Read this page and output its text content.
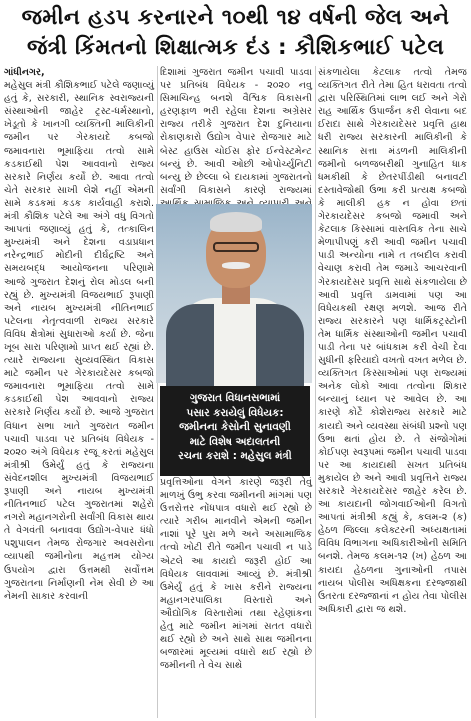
જમીન હડપ કરનારને ૧૦થી ૧૪ વર્ષની જેલ અને
જંત્રી કિંમતનો શિક્ષાત્મક દંડ : કૌશિકભાઈ પટેલ

ગાંધીનગર,

મહેસુલ મંત્રી કૌશિકભાઈ પટેલે જણાવ્યું હતું કે, સરકારી, સ્થાનિક સ્વરાજ્યની સંસ્થાઓની જાહેર ટ્રસ્ટ-ધર્મસ્થાનો, ખેડૂતો કે ખાનગી વ્યક્તિની માલિકીની જમીન પર ગેરકાયદે કબજો જમાવનારા ભૂમાફિયા તત્વો સામે કડકાઈથી પેશ આવવાનો રાજ્ય સરકારે નિર્ણય કર્યો છે. આવા તત્વો ચેતે સરકાર સાખી લેશે નહીં એમની સામે કડકમાં કડક કાર્યવાહી કરાશે. મંત્રી કૌશિક પટેલે આ અંગે વધુ વિગતો આપતાં જણાવ્યું હતું કે, તત્કાલિન મુખ્યમંત્રી અને દેશના વડાપ્રધાન નરેન્દ્રભાઈ મોદીની દીર્ઘદ્રષ્ટિ અને સમયબદ્ધ આયોજનના પરિણામે આજે ગુજરાત દેશનું રોલ મોડલ બની રહ્યું છે. મુખ્યમંત્રી વિજયભાઈ રૂપાણી અને નાયબ મુખ્યમંત્રી નીતિનભાઈ પટેલના નેતૃત્વવાળી રાજ્ય સરકારે વિવિધ ક્ષેત્રોમાં સુધારાઓ કર્યા છે. જેના ખૂબ સારા પરિણામો પ્રાપ્ત થઈ રહ્યાં છે. ત્યારે રાજ્યના સુવ્યવસ્થિત વિકાસ માટે જમીન પર ગેરકાયદેસર કબજો જમાવનારા ભૂમાફિયા તત્વો સામે કડકાઈથી પેશ આવવાનો રાજ્ય સરકારે નિર્ણય કર્યો છે. આજે ગુજરાત વિધાન સભા ખાતે ગુજરાત જમીન પચાવી પાડવા પર પ્રતિબંધ વિધેયક - ૨૦૨૦ અંગે વિધેયક રજૂ કરતાં મહેસુલ મંત્રીશ્રી ઉમેર્યું હતું કે રાજ્યના સંવેદનશીલ મુખ્યમંત્રી વિજયભાઈ રૂપાણી અને નાયબ મુખ્યમંત્રી નીતિનભાઈ પટેલ ગુજરાતમાં શહેરો નગરો મહાનગરોની સર્વાંગી વિકાસ થાય તે વેગવંતી બનાવવા ઉદ્યોગ-વેપાર ધંધો પશુપાલન તેમજ રોજગાર અવસરોના વ્યાપથી જમીનોના મહત્તમ યોગ્ય ઉપયોગ દ્વારા ઉત્તમથી સર્વોત્તમ ગુજરાતના નિર્માણની નેમ સેવી છે આ નેમની સાકાર કરવાની

દિશામાં ગુજરાત જમીન પચાવી પાડવા પર પ્રતિબંધ વિધેયક - ૨૦૨૦ નવુ સિમાચિન્હ બનશે વૈશ્વિક વિકાસની હરણફાળ ભરી રહેલા દેશના અગ્રેસર રાજ્ય તરીકે ગુજરાત દેશ દુનિયાના રોકાણકારો ઉદ્યોગ વેપાર રોજગાર માટે બેસ્ટ હાઉસ ચોઈસ ફોર ઈન્વેસ્ટમેન્ટ બન્યું છે. આવી ઓછી ઓપોર્ચ્યુનિટી બન્યુ છે છેલ્લા બે દાયકામાં ગુજરાતનો સર્વાંગી વિકાસને કારણે રાજ્યમાં

પ્રવૃત્તિઓના વેગને કારણે જરૂરી તેવું માળખું ઉભુ કરવા જમીનની માંગમાં પણ ઉત્તરોત્તર નોંધપાત્ર વધારો થઈ રહ્યો છે ત્યારે ગરીબ માનવીને એમની જમીન નાશાં પૂરે પુરા મળે અને અસામાજિક તત્વો ખોટી રીતે જમીન પચાવી ન પાડે એટલે આ કાયદો જરૂરી હોઈ આ વિધેયક લાવવામાં આવ્યું છે. મંત્રીશ્રી ઉમેર્યું હતું કે ખાસ કરીને રાજ્યના મહાનગરપાલિકા વિસ્તારો અને ઔદ્યોગિક વિસ્તારોમાં તથા રહેણાંકના હેતુ માટે જમીન માંગમાં સતત વધારો થઈ રહ્યો છે અને સાથે સાથ જમીનના બજારમાં મૂલ્યમાં વધારો થઈ રહ્યો છે જમીનની તે વેચ સાથે

સંકળાયેલા કેટલાક તત્વો તેમજ વ્યક્તિગત રીતે તેમા હિત ધરાવતા તત્વો દ્વારા પરિસ્થિતિમાં લાભ લઈ અને ગેરો રાહ આર્થિક ઉપાર્જન કરી લેવાના બદ ઈરાદા સાથે ગેરકાયદેસર પ્રવૃત્તિ હાથ ધરી રાજ્ય સરકારની માલિકીની કે સ્થાનિક સત્તા મંડળની માલિકીની જમીનો બળજબરીથી ગુનાહિત ધાક ધમકીથી કે છેતરપીંડીથી બનાવટી દસ્તાવેજોથી ઉભા કરી પ્રત્યક્ષ કબજો કે માલીકી હક ન હોવા છતાં ગેરકાયદેસર કબજો જમાવી અને કેટલાક કિસ્સામાં વાસ્તવિક તેના સાચે મેળાપીપણું કરી આવી જમીન પચાવી પાડી અન્યોના નામે ત તબદીલ કરાવી વેચાણ કરાવી તેમ જમાડે આચરવાની ગેરકાયદેસર પ્રવૃત્તિ સાથે સંકળાયેલા છે આવી પ્રવૃત્તિ ડામવામાં પણ આ વિધેયકથી રક્ષણ મળશે. આજ રીતે રાજ્ય સરકારને પણ ધાર્મિકટ્રસ્ટોની તેમ ધાર્મિક સંસ્થાઓની જમીન પચાવી પાડી તેના પર બાંધકામ કરી વેચી દેવા સુધીની ફરિયાદો વખતો વખત મળેલ છે. વ્યક્તિગત કિસ્સાઓમાં પણ રાજ્યમાં અનેક લોકો આવા તત્વોના શિકાર બન્યાનું ધ્યાન પર આવેલ છે. આ કારણે કોર્ટે કોશેરાજ્ય સરકારે માટે કાયદો અને વ્યવસ્થા સંબંધી પ્રશ્નો પણ ઉભા થતાં હોય છે. તે સંજોગોમાં કોઈપણ સ્વરૂપમાં જમીન પચાવી પાડવા પર આ કાયદાથી સખત પ્રતિબંધ મુકાયેલ છે અને આવી પ્રવૃત્તિને રાજ્ય સરકારે ગેરકાયદેસર જાહેર કરેલ છે. આ કાયદાની જોગવાઈઓની વિગતો આપતાં મંત્રીશ્રી કહ્યું કે, કલમ-૨ (ક) હેઠળ જિલ્લા કલેક્ટરની અધ્યક્ષતામાં વિવિધ વિભાગના અધિકારીઓની સમિતિ બનશે. તેમજ કલમ-૧૨ (ખ) હેઠળ આ કાયદા હેઠળના ગુનાઓની તપાસ નાયબ પોલીસ અધિક્ષકના દરજ્જાથી ઉતરતા દરજ્જાનાં ન હોય તેવા પોલીસ અધિકારી દ્વારા જ થશે.

ગુજરાત વિધાનસભામાં
પસાર કરાયેલું વિધેયક:
જમીનના કેસોની સુનાવણી
માટે વિશેષ અદાલતની
રચના કરાશે : મહેસુલ મંત્રી
